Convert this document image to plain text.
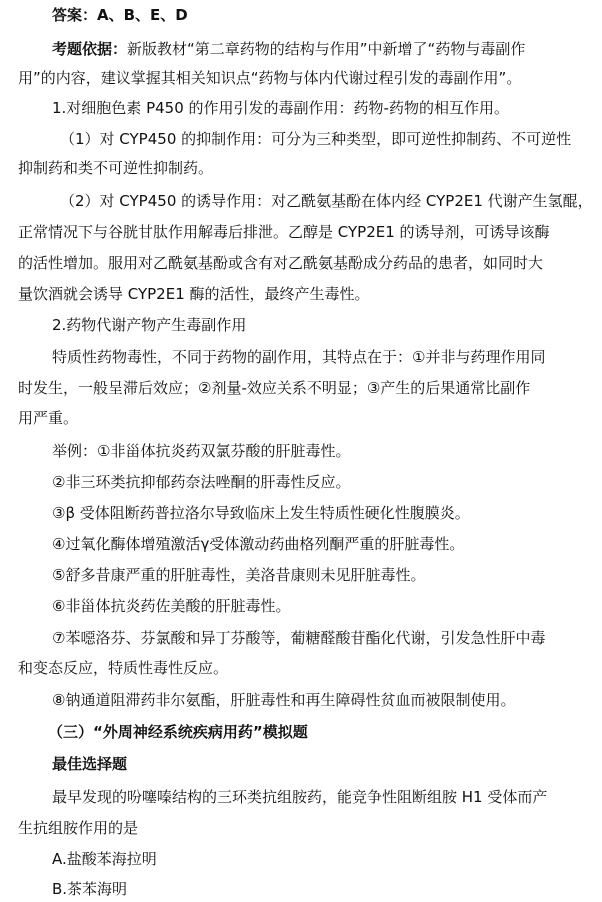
答案：A、B、E、D
考题依据：新版教材“第二章药物的结构与作用”中新增了“药物与毒副作
用”的内容，建议掌握其相关知识点“药物与体内代谢过程引发的毒副作用”。
1.对细胞色素 P450 的作用引发的毒副作用：药物-药物的相互作用。
（1）对 CYP450 的抑制作用：可分为三种类型，即可逆性抑制药、不可逆性
抑制药和类不可逆性抑制药。
（2）对 CYP450 的诱导作用：对乙酰氨基酚在体内经 CYP2E1 代谢产生氢醌，
正常情况下与谷胱甘肽作用解毒后排泄。乙醇是 CYP2E1 的诱导剂，可诱导该酶
的活性增加。服用对乙酰氨基酚或含有对乙酰氨基酚成分药品的患者，如同时大
量饮酒就会诱导 CYP2E1 酶的活性，最终产生毒性。
2.药物代谢产物产生毒副作用
特质性药物毒性，不同于药物的副作用，其特点在于：①并非与药理作用同
时发生，一般呈滞后效应；②剂量-效应关系不明显；③产生的后果通常比副作
用严重。
举例：①非甾体抗炎药双氯芬酸的肝脏毒性。
②非三环类抗抑郁药奈法唑酮的肝毒性反应。
③β 受体阻断药普拉洛尔导致临床上发生特质性硬化性腹膜炎。
④过氧化酶体增殖激活γ受体激动药曲格列酮严重的肝脏毒性。
⑤舒多昔康严重的肝脏毒性，美洛昔康则未见肝脏毒性。
⑥非甾体抗炎药佐美酸的肝脏毒性。
⑦苯噁洛芬、芬氯酸和异丁芬酸等，葡糖醛酸苷酯化代谢，引发急性肝中毒
和变态反应，特质性毒性反应。
⑧钠通道阻滞药非尔氨酯，肝脏毒性和再生障碍性贫血而被限制使用。
（三）“外周神经系统疾病用药”模拟题
最佳选择题
最早发现的吩噻嗪结构的三环类抗组胺药，能竞争性阻断组胺 H1 受体而产
生抗组胺作用的是
A.盐酸苯海拉明
B.茶苯海明
